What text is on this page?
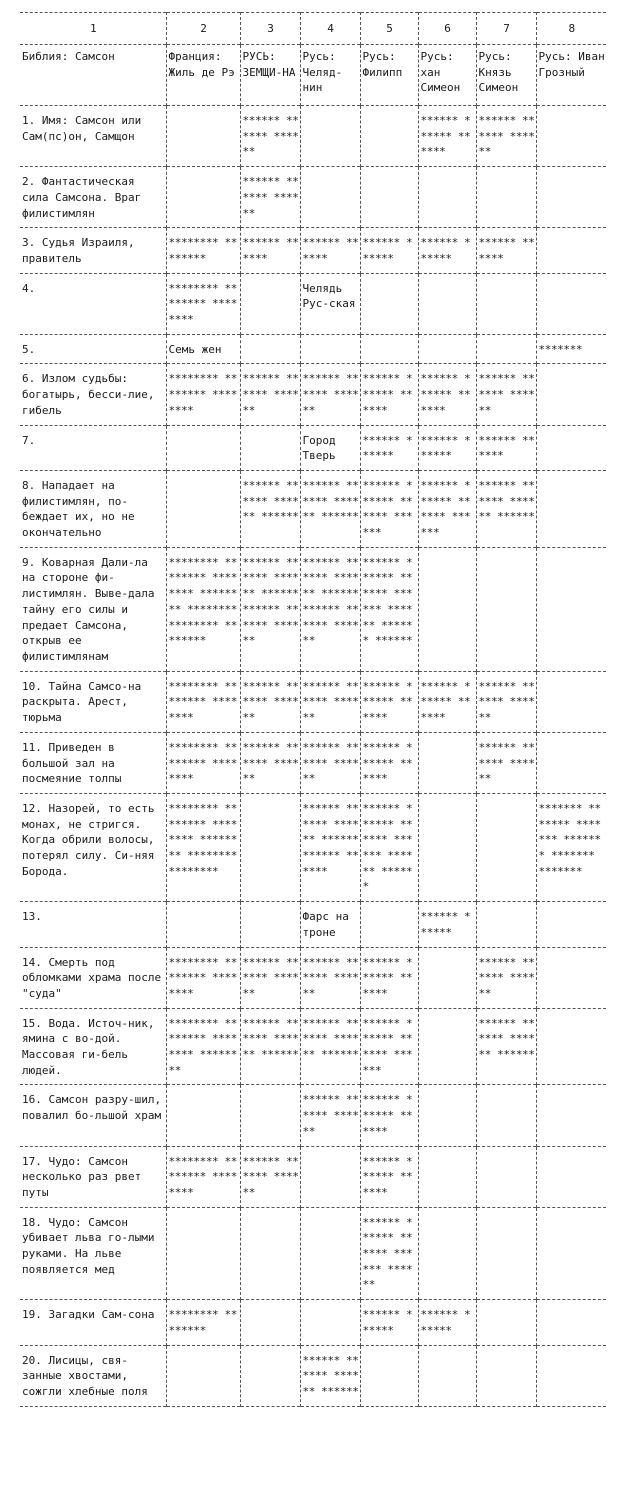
1	2	3	4	5	6	7	8
Библия: Самсон	Франция: Жиль де Рэ	РУСЬ: ЗЕМЩИ-НА	Русь: Челяд-нин	Русь: Филипп	Русь: хан Симеон	Русь: Князь Симеон	Русь: Иван Грозный
1. Имя: Самсон или Сам(пс)он, Самщон		****** ****** ******			****** ****** ******	****** ****** ******	
2. Фантастическая сила Самсона. Враг филистимлян		****** ****** ******					
3. Судья Израиля, правитель	******** ********	****** ******	****** ******	****** ******	****** ******	****** ******	
4.	******** ******** ********		Челядь Рус-ская				
5.	Семь жен						*******
6. Излом судьбы: богатырь, бесси-лие, гибель	******** ******** ********	****** ****** ******	****** ****** ******	****** ****** ******	****** ****** ******	****** ****** ******	
7.			Город Тверь	****** ******	****** ******	****** ******	
8. Нападает на филистимлян, по-беждает их, но не окончательно		****** ****** ****** ******	****** ****** ****** ******	****** ****** ****** ******	****** ****** ****** ******	****** ****** ****** ******	
9. Коварная Дали-ла на стороне фи-листимлян. Выве-дала тайну его силы и предает Самсона, открыв ее филистимлянам	******** ******** ******** ******** ******** ******** ********	****** ****** ****** ****** ****** ****** ******	****** ****** ****** ****** ****** ****** ******	****** ****** ****** ****** ****** ****** ******			
10. Тайна Самсо-на раскрыта. Арест, тюрьма	******** ******** ********	****** ****** ******	****** ****** ******	****** ****** ******	****** ****** ******	****** ****** ******	
11. Приведен в большой зал на посмеяние толпы	******** ******** ********	****** ****** ******	****** ****** ******	****** ****** ******		****** ****** ******	
12. Назорей, то есть монах, не стригся. Когда обрили волосы, потерял силу. Си-няя Борода.	******** ******** ******** ******** ******** ********		****** ****** ****** ****** ****** ******	****** ****** ****** ****** ****** ******			******* ******* ******* ******* ******* *******
13.			Фарс на троне		****** ******		
14. Смерть под обломками храма после "суда"	******** ******** ********	****** ****** ******	****** ****** ******	****** ****** ******		****** ****** ******	
15. Вода. Источ-ник, ямина с во-дой. Массовая ги-бель людей.	******** ******** ******** ********	****** ****** ****** ******	****** ****** ****** ******	****** ****** ****** ******		****** ****** ****** ******	
16. Самсон разру-шил, повалил бо-льшой храм			****** ****** ******	****** ****** ******			
17. Чудо: Самсон несколько раз рвет путы	******** ******** ********	****** ****** ******		****** ****** ******			
18. Чудо: Самсон убивает льва го-лыми руками. На льве появляется мед				****** ****** ****** ****** ******			
19. Загадки Сам-сона	******** ********			****** ******	****** ******		
20. Лисицы, свя-занные хвостами, сожгли хлебные поля			****** ****** ****** ******				
